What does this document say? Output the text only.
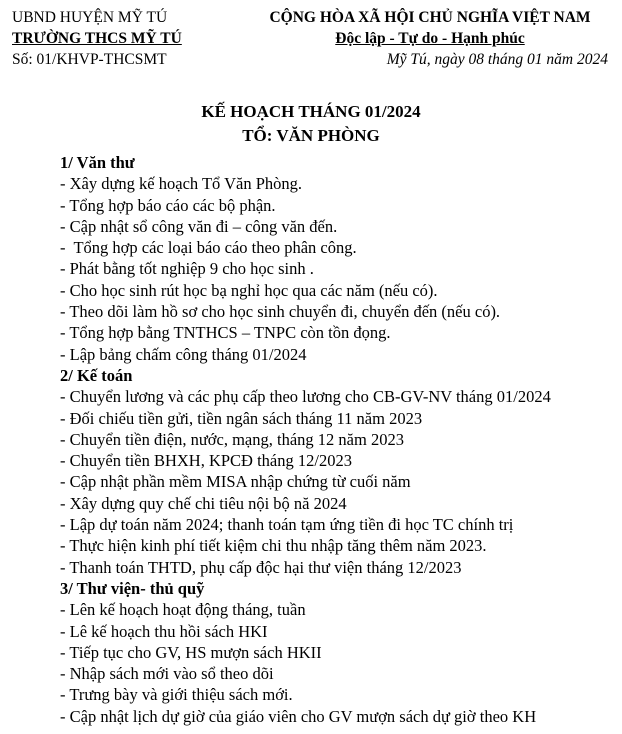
UBND HUYỆN MỸ TÚ
TRƯỜNG THCS MỸ TÚ
Số: 01/KHVP-THCSMT
CỘNG HÒA XÃ HỘI CHỦ NGHĨA VIỆT NAM
Độc lập - Tự do - Hạnh phúc
Mỹ Tú, ngày 08 tháng 01 năm 2024
KẾ HOẠCH THÁNG 01/2024
TỔ: VĂN PHÒNG
1/ Văn thư
- Xây dựng kế hoạch Tổ Văn Phòng.
- Tổng hợp báo cáo các bộ phận.
- Cập nhật sổ công văn đi – công văn đến.
-  Tổng hợp các loại báo cáo theo phân công.
- Phát bằng tốt nghiệp 9 cho học sinh .
- Cho học sinh rút học bạ nghỉ học qua các năm (nếu có).
- Theo dõi làm hồ sơ cho học sinh chuyển đi, chuyển đến (nếu có).
- Tổng hợp bằng TNTHCS – TNPC còn tồn đọng.
- Lập bảng chấm công tháng 01/2024
2/ Kế toán
- Chuyển lương và các phụ cấp theo lương cho CB-GV-NV tháng 01/2024
- Đối chiếu tiền gửi, tiền ngân sách tháng 11 năm 2023
- Chuyển tiền điện, nước, mạng, tháng 12 năm 2023
- Chuyển tiền BHXH, KPCĐ tháng 12/2023
- Cập nhật phần mềm MISA nhập chứng từ cuối năm
- Xây dựng quy chế chi tiêu nội bộ nă 2024
- Lập dự toán năm 2024; thanh toán tạm ứng tiền đi học TC chính trị
- Thực hiện kinh phí tiết kiệm chi thu nhập tăng thêm năm 2023.
- Thanh toán THTD, phụ cấp độc hại thư viện tháng 12/2023
3/ Thư viện- thủ quỹ
- Lên kế hoạch hoạt động tháng, tuần
- Lê kế hoạch thu hồi sách HKI
- Tiếp tục cho GV, HS mượn sách HKII
- Nhập sách mới vào sổ theo dõi
- Trưng bày và giới thiệu sách mới.
- Cập nhật lịch dự giờ của giáo viên cho GV mượn sách dự giờ theo KH
